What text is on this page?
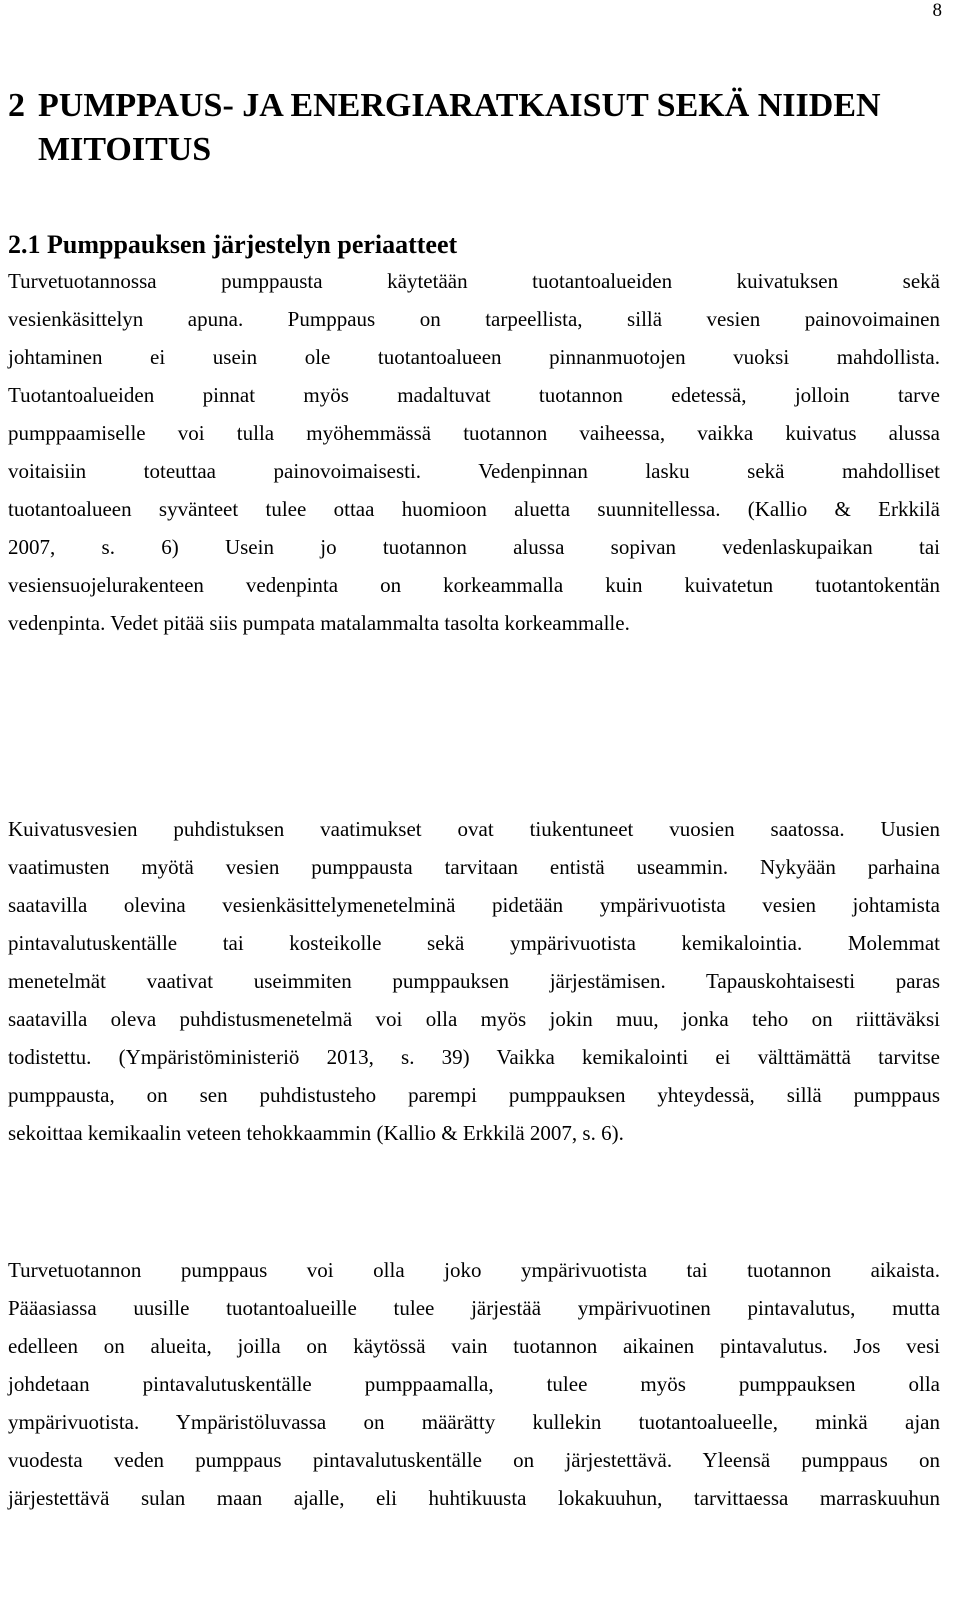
8
2 PUMPPAUS- JA ENERGIARATKAISUT SEKÄ NIIDEN
MITOITUS
2.1 Pumppauksen järjestelyn periaatteet
Turvetuotannossa pumppausta käytetään tuotantoalueiden kuivatuksen sekä
vesienkäsittelyn apuna. Pumppaus on tarpeellista, sillä vesien painovoimainen
johtaminen ei usein ole tuotantoalueen pinnanmuotojen vuoksi mahdollista.
Tuotantoalueiden pinnat myös madaltuvat tuotannon edetessä, jolloin tarve
pumppaamiselle voi tulla myöhemmässä tuotannon vaiheessa, vaikka kuivatus alussa
voitaisiin toteuttaa painovoimaisesti. Vedenpinnan lasku sekä mahdolliset
tuotantoalueen syvänteet tulee ottaa huomioon aluetta suunnitellessa. (Kallio & Erkkilä
2007, s. 6) Usein jo tuotannon alussa sopivan vedenlaskupaikan tai
vesiensuojelurakenteen vedenpinta on korkeammalla kuin kuivatetun tuotantokentän
vedenpinta. Vedet pitää siis pumpata matalammalta tasolta korkeammalle.
Kuivatusvesien puhdistuksen vaatimukset ovat tiukentuneet vuosien saatossa. Uusien
vaatimusten myötä vesien pumppausta tarvitaan entistä useammin. Nykyään parhaina
saatavilla olevina vesienkäsittelymenetelminä pidetään ympärivuotista vesien johtamista
pintavalutuskentälle tai kosteikolle sekä ympärivuotista kemikalointia. Molemmat
menetelmät vaativat useimmiten pumppauksen järjestämisen. Tapauskohtaisesti paras
saatavilla oleva puhdistusmenetelmä voi olla myös jokin muu, jonka teho on riittäväksi
todistettu. (Ympäristöministeriö 2013, s. 39) Vaikka kemikalointi ei välttämättä tarvitse
pumppausta, on sen puhdistusteho parempi pumppauksen yhteydessä, sillä pumppaus
sekoittaa kemikaalin veteen tehokkaammin (Kallio & Erkkilä 2007, s. 6).
Turvetuotannon pumppaus voi olla joko ympärivuotista tai tuotannon aikaista.
Pääasiassa uusille tuotantoalueille tulee järjestää ympärivuotinen pintavalutus, mutta
edelleen on alueita, joilla on käytössä vain tuotannon aikainen pintavalutus. Jos vesi
johdetaan pintavalutuskentälle pumppaamalla, tulee myös pumppauksen olla
ympärivuotista. Ympäristöluvassa on määrätty kullekin tuotantoalueelle, minkä ajan
vuodesta veden pumppaus pintavalutuskentälle on järjestettävä. Yleensä pumppaus on
järjestettävä sulan maan ajalle, eli huhtikuusta lokakuuhun, tarvittaessa marraskuuhun
